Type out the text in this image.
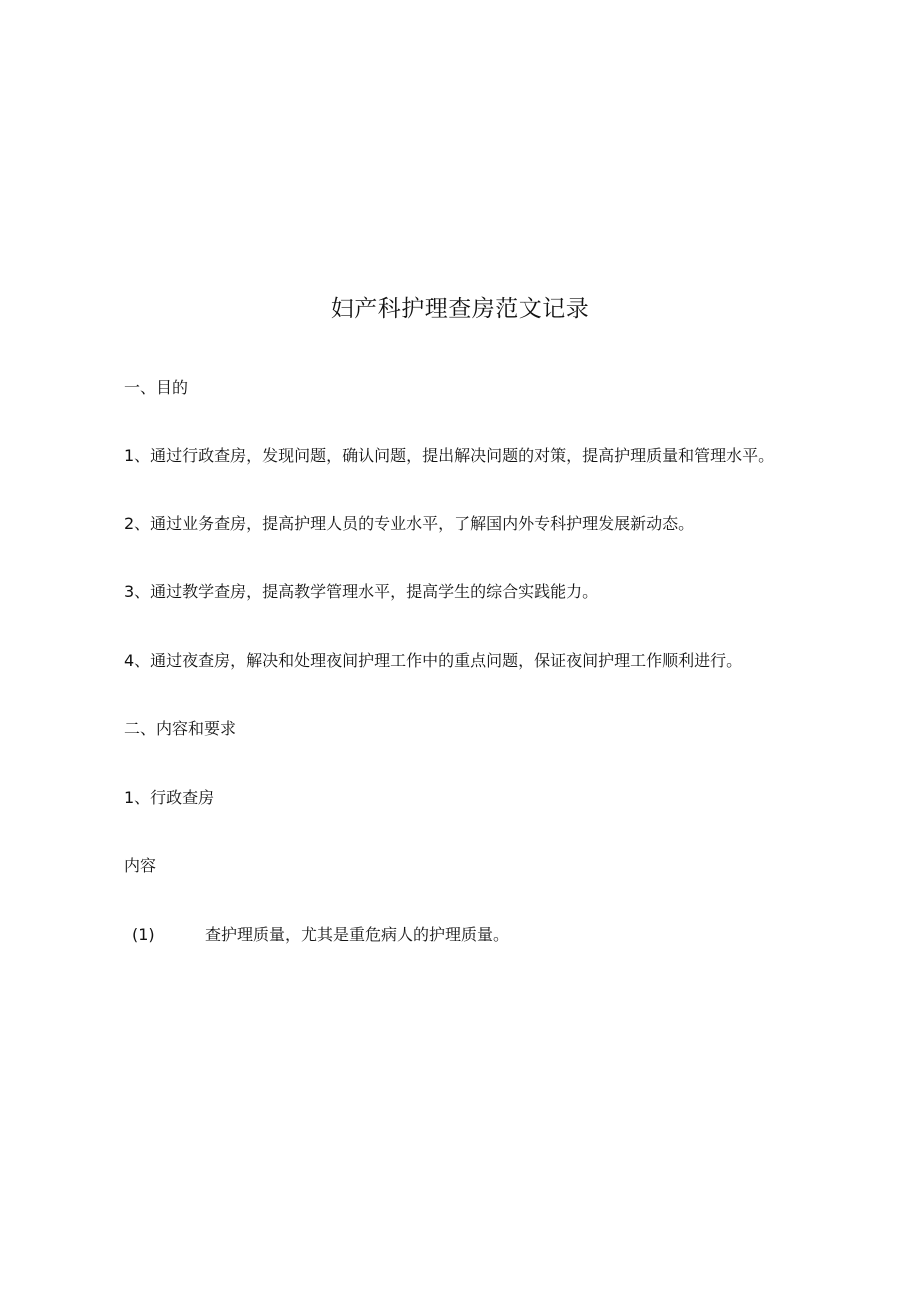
妇产科护理查房范文记录
一、目的
1、通过行政查房，发现问题，确认问题，提出解决问题的对策，提高护理质量和管理水平。
2、通过业务查房，提高护理人员的专业水平，了解国内外专科护理发展新动态。
3、通过教学查房，提高教学管理水平，提高学生的综合实践能力。
4、通过夜查房，解决和处理夜间护理工作中的重点问题，保证夜间护理工作顺利进行。
二、内容和要求
1、行政查房
内容
(1)	查护理质量，尤其是重危病人的护理质量。
